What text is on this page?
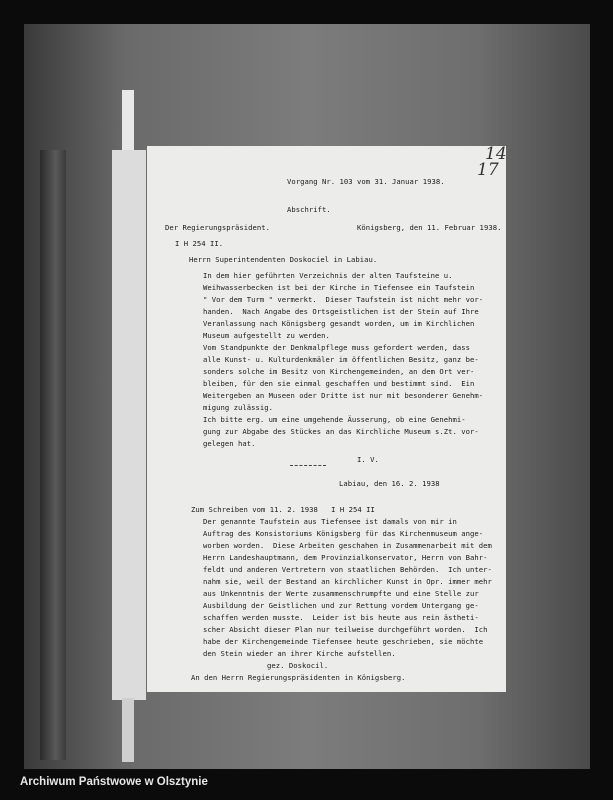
Vorgang Nr. 103 vom 31. Januar 1938.
Abschrift.
Der Regierungspräsident.	Königsberg, den 11. Februar 1938.
I H 254 II.
Herrn Superintendenten Doskociel in Labiau.
In dem hier geführten Verzeichnis der alten Taufsteine u.
Weihwasserbecken ist bei der Kirche in Tiefensee ein Taufstein
" Vor dem Turm " vermerkt.  Dieser Taufstein ist nicht mehr vor-
handen.  Nach Angabe des Ortsgeistlichen ist der Stein auf Ihre
Veranlassung nach Königsberg gesandt worden, um im Kirchlichen
Museum aufgestellt zu werden.
Vom Standpunkte der Denkmalpflege muss gefordert werden, dass
alle Kunst- u. Kulturdenkmäler im öffentlichen Besitz, ganz be-
sonders solche im Besitz von Kirchengemeinden, an dem Ort ver-
bleiben, für den sie einmal geschaffen und bestimmt sind.  Ein
Weitergeben an Museen oder Dritte ist nur mit besonderer Genehm-
migung zulässig.
Ich bitte erg. um eine umgehende Äusserung, ob eine Genehmi-
gung zur Abgabe des Stückes an das Kirchliche Museum s.Zt. vor-
gelegen hat.
I. V.
Labiau, den 16. 2. 1938
Zum Schreiben vom 11. 2. 1938   I H 254 II
Der genannte Taufstein aus Tiefensee ist damals von mir in
Auftrag des Konsistoriums Königsberg für das Kirchenmuseum ange-
worben worden.  Diese Arbeiten geschahen in Zusammenarbeit mit dem
Herrn Landeshauptmann, dem Provinzialkonservator, Herrn von Bahr-
feldt und anderen Vertretern von staatlichen Behörden.  Ich unter-
nahm sie, weil der Bestand an kirchlicher Kunst in Opr. immer mehr
aus Unkenntnis der Werte zusammenschrumpfte und eine Stelle zur
Ausbildung der Geistlichen und zur Rettung vordem Untergang ge-
schaffen werden musste.  Leider ist bis heute aus rein ästheti-
scher Absicht dieser Plan nur teilweise durchgeführt worden.  Ich
habe der Kirchengemeinde Tiefensee heute geschrieben, sie möchte
den Stein wieder an ihrer Kirche aufstellen.
gez. Doskocil.
An den Herrn Regierungspräsidenten in Königsberg.
14
17
Archiwum Państwowe w Olsztynie
